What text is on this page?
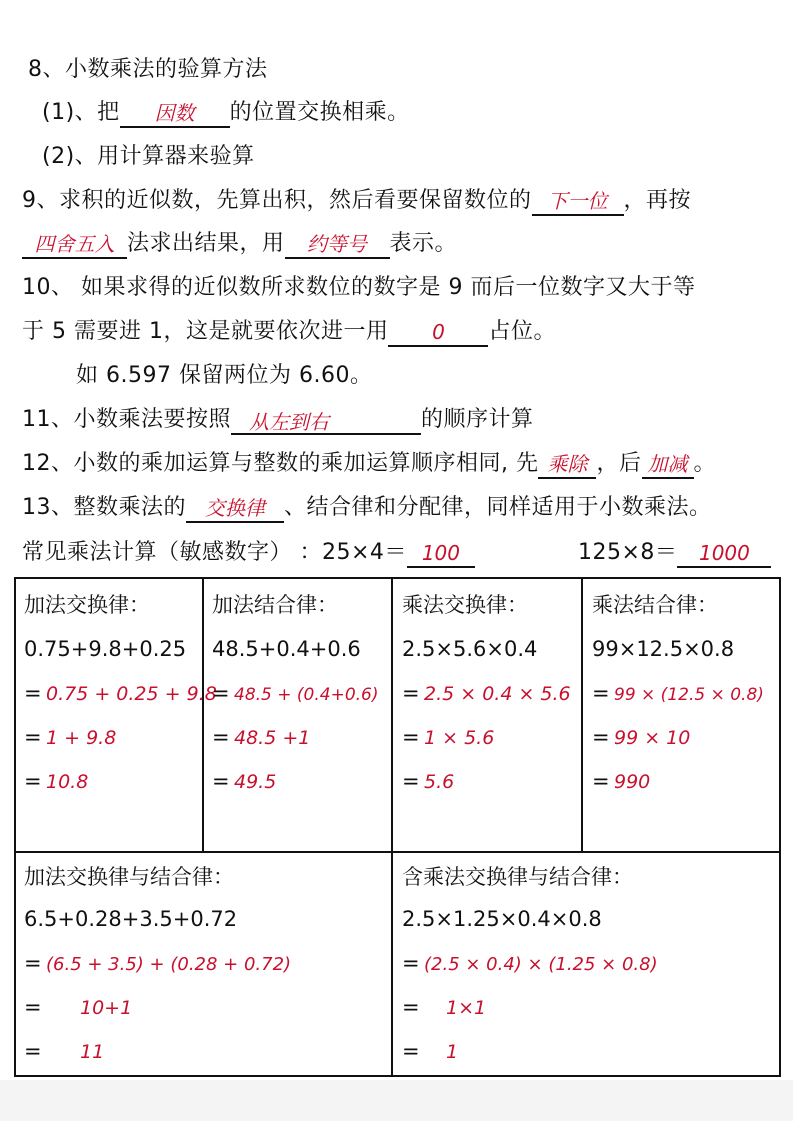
8、小数乘法的验算方法
(1)、把 因数 的位置交换相乘。
(2)、用计算器来验算
9、求积的近似数，先算出积，然后看要保留数位的 下一位 ，再按
四舍五入 法求出结果，用 约等号 表示。
10、 如果求得的近似数所求数位的数字是 9 而后一位数字又大于等
于 5 需要进 1，这是就要依次进一用 0 占位。
如 6.597 保留两位为 6.60。
11、小数乘法要按照 从左到右	的顺序计算
12、小数的乘加运算与整数的乘加运算顺序相同, 先 乘除 ，后 加减 。
13、整数乘法的 交换律 、结合律和分配律，同样适用于小数乘法。
常见乘法计算（敏感数字） ：25×4＝ 100	125×8＝ 1000
加法交换律：
0.75+9.8+0.25
= 0.75 + 0.25 + 9.8
= 1 + 9.8
= 10.8
加法结合律：
48.5+0.4+0.6
= 48.5 + (0.4+0.6)
= 48.5 +1
= 49.5
乘法交换律：
2.5×5.6×0.4
= 2.5 × 0.4 × 5.6
= 1 × 5.6
= 5.6
乘法结合律：
99×12.5×0.8
= 99 × (12.5 × 0.8)
= 99 × 10
= 990
加法交换律与结合律：
6.5+0.28+3.5+0.72
= (6.5 + 3.5) + (0.28 + 0.72)
= 10+1
= 11
含乘法交换律与结合律：
2.5×1.25×0.4×0.8
= (2.5 × 0.4) × (1.25 × 0.8)
= 1×1
= 1
